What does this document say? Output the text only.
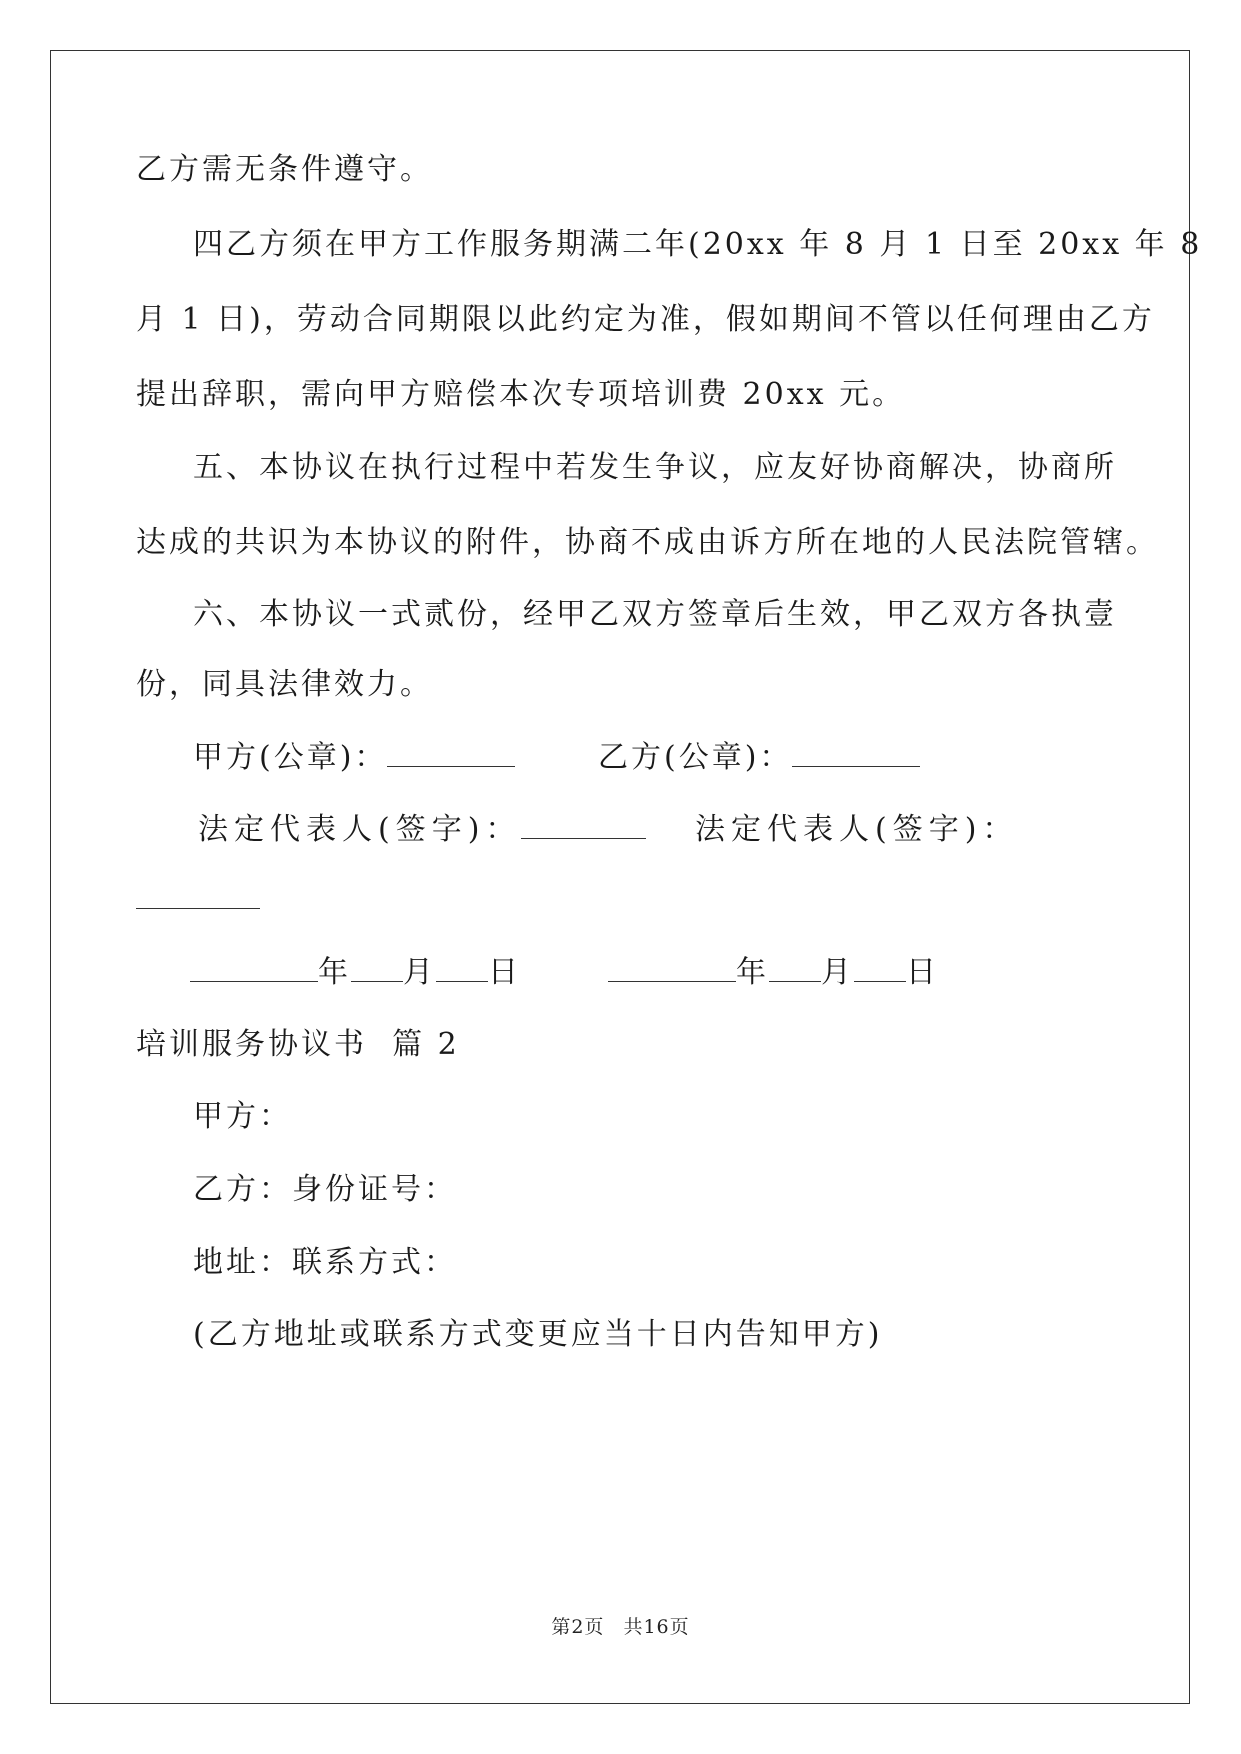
乙方需无条件遵守。
四乙方须在甲方工作服务期满二年(20xx 年 8 月 1 日至 20xx 年 8
月 1 日)，劳动合同期限以此约定为准，假如期间不管以任何理由乙方
提出辞职，需向甲方赔偿本次专项培训费 20xx 元。
五、本协议在执行过程中若发生争议，应友好协商解决，协商所
达成的共识为本协议的附件，协商不成由诉方所在地的人民法院管辖。
六、本协议一式贰份，经甲乙双方签章后生效，甲乙双方各执壹
份，同具法律效力。
甲方(公章)：	乙方(公章)：
法定代表人(签字)：	法定代表人(签字)：
年 月 日	年 月 日
培训服务协议书  篇 2
甲方：
乙方：身份证号：
地址：联系方式：
(乙方地址或联系方式变更应当十日内告知甲方)
第2页 共16页
